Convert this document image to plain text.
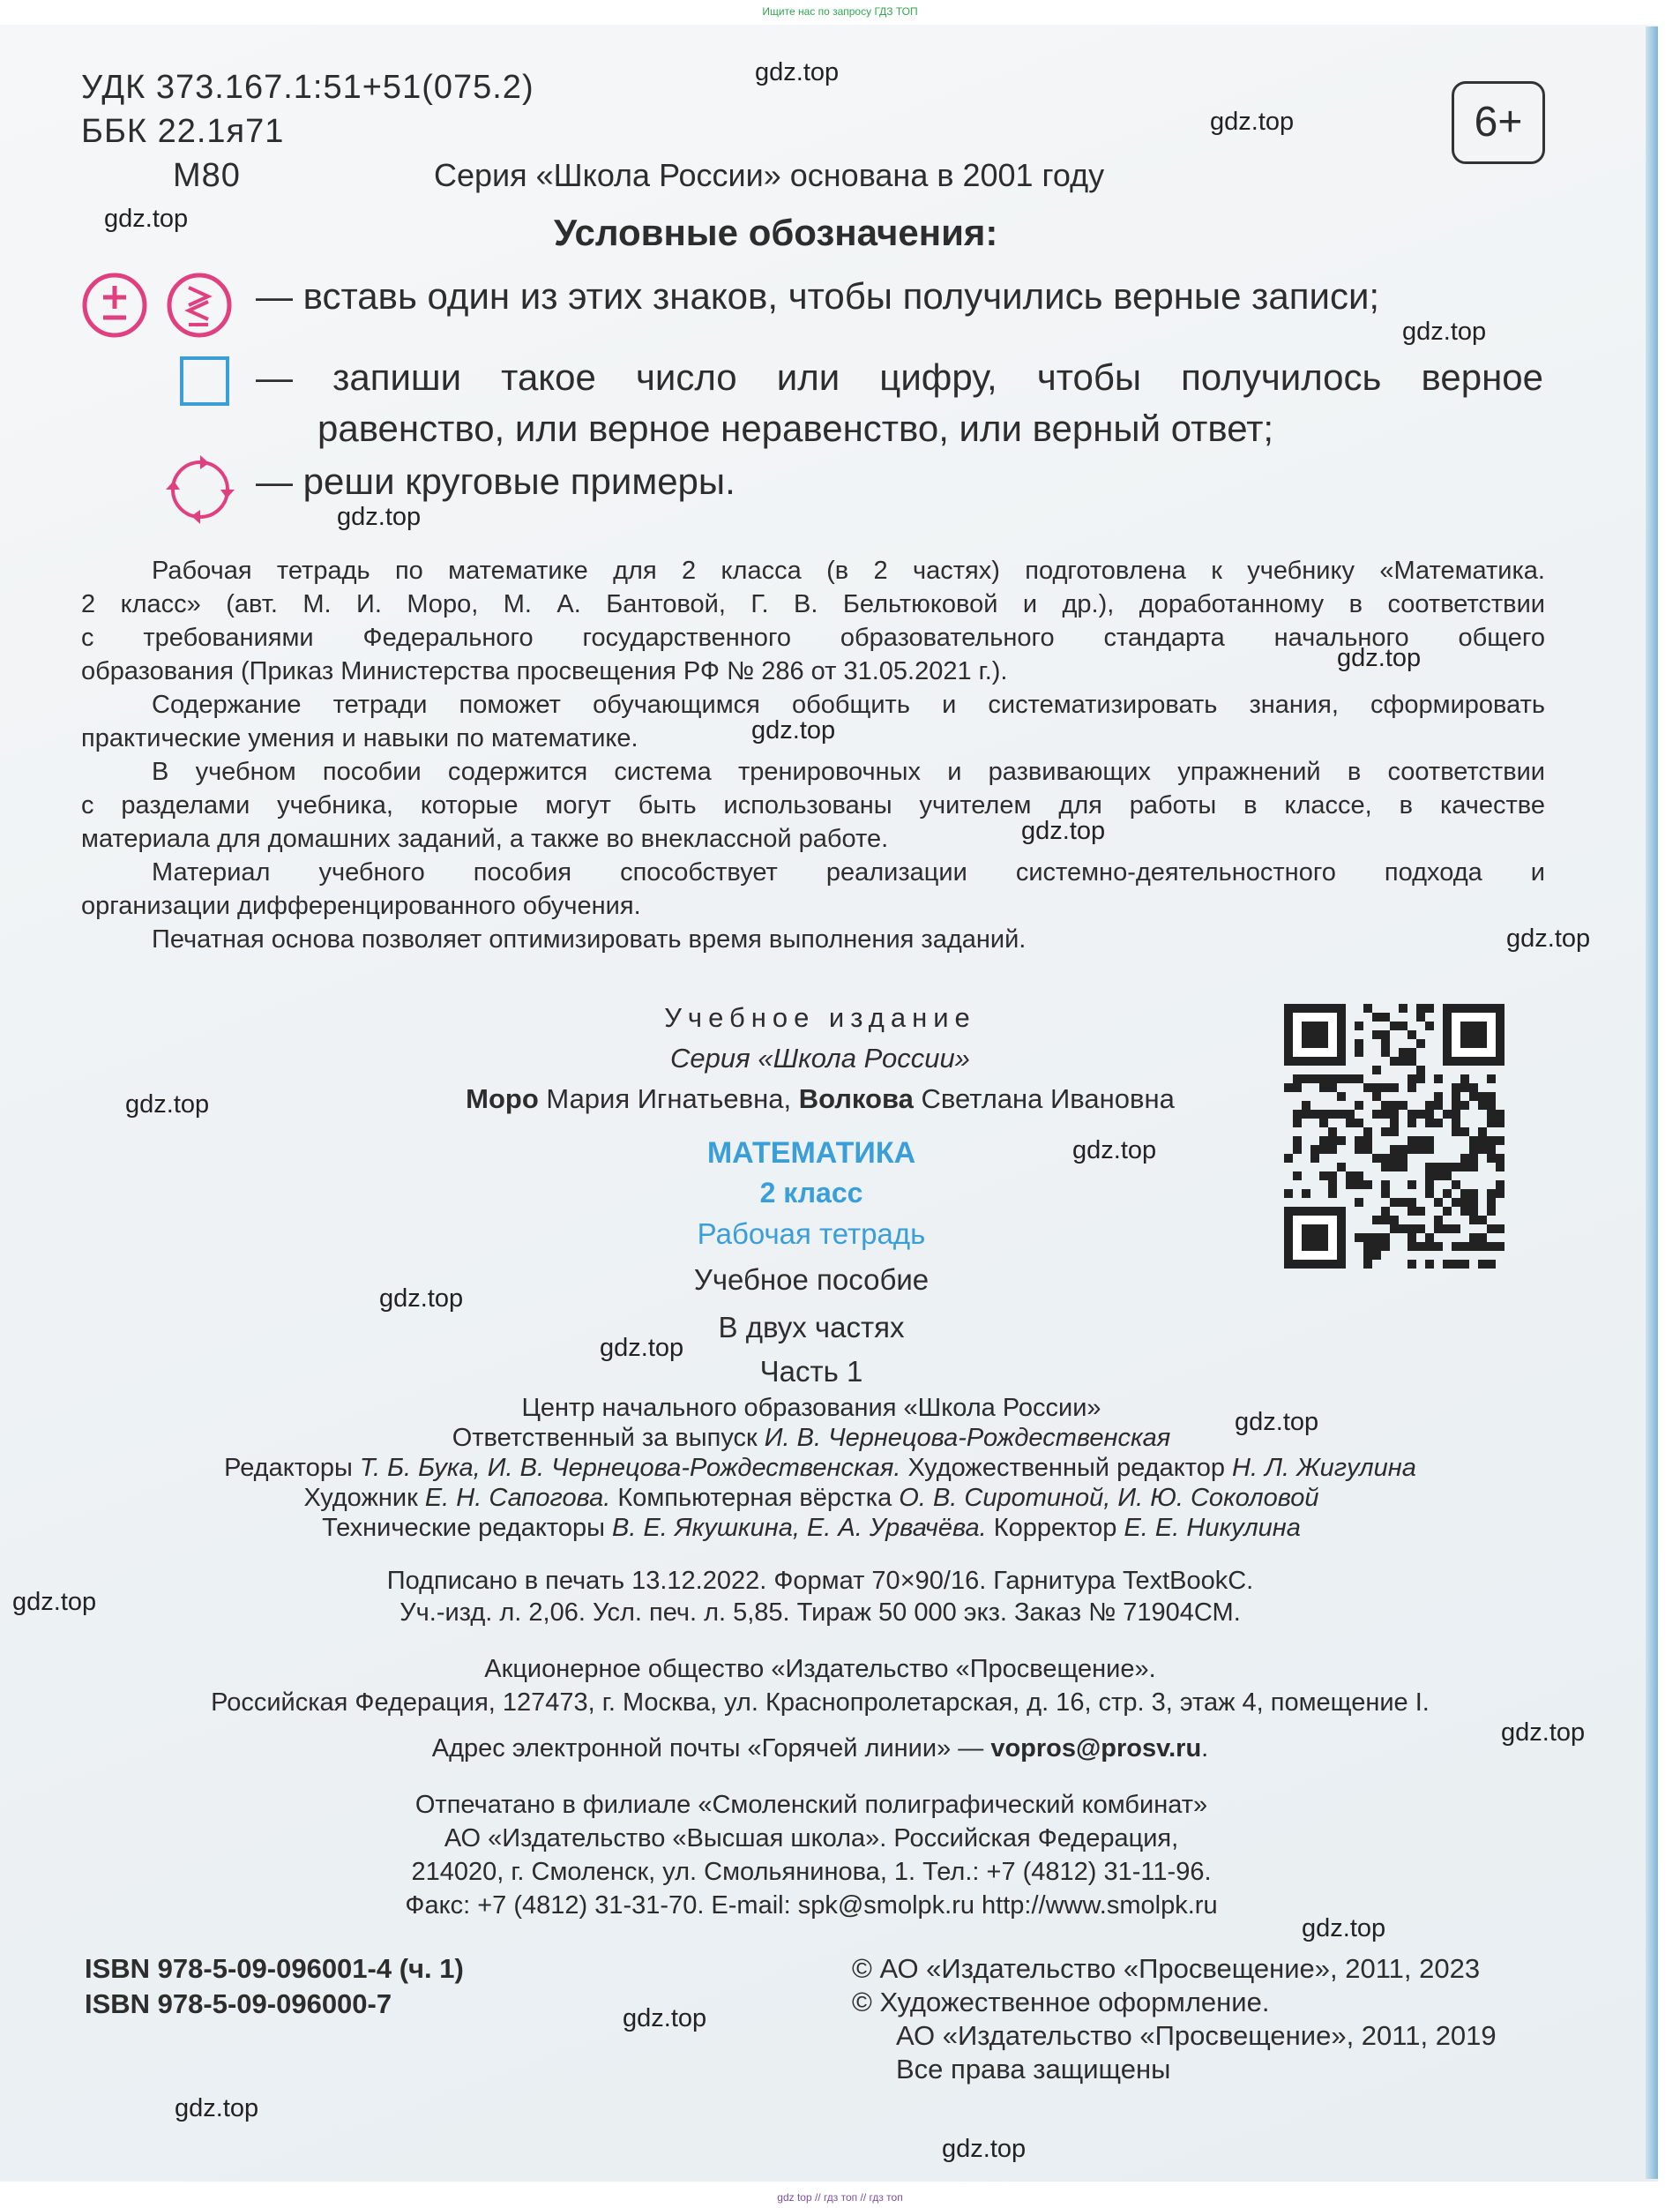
Ищите нас по запросу ГДЗ ТОП
УДК 373.167.1:51+51(075.2)
ББК 22.1я71
М80
6+
Серия «Школа России» основана в 2001 году
Условные обозначения:
— вставь один из этих знаков, чтобы получились верные записи;
— запиши такое число или цифру, чтобы получилось верное
равенство, или верное неравенство, или верный ответ;
— реши круговые примеры.
Рабочая тетрадь по математике для 2 класса (в 2 частях) подготовлена к учебнику «Математика.
2 класс» (авт. М. И. Моро, М. А. Бантовой, Г. В. Бельтюковой и др.), доработанному в соответствии
с требованиями Федерального государственного образовательного стандарта начального общего
образования (Приказ Министерства просвещения РФ № 286 от 31.05.2021 г.).
Содержание тетради поможет обучающимся обобщить и систематизировать знания, сформировать
практические умения и навыки по математике.
В учебном пособии содержится система тренировочных и развивающих упражнений в соответствии
с разделами учебника, которые могут быть использованы учителем для работы в классе, в качестве
материала для домашних заданий, а также во внеклассной работе.
Материал учебного пособия способствует реализации системно-деятельностного подхода и
организации дифференцированного обучения.
Печатная основа позволяет оптимизировать время выполнения заданий.
Учебное издание
Серия «Школа России»
Моро Мария Игнатьевна, Волкова Светлана Ивановна
МАТЕМАТИКА
2 класс
Рабочая тетрадь
Учебное пособие
В двух частях
Часть 1
Центр начального образования «Школа России»
Ответственный за выпуск И. В. Чернецова-Рождественская
Редакторы Т. Б. Бука, И. В. Чернецова-Рождественская. Художественный редактор Н. Л. Жигулина
Художник Е. Н. Сапогова. Компьютерная вёрстка О. В. Сиротиной, И. Ю. Соколовой
Технические редакторы В. Е. Якушкина, Е. А. Урвачёва. Корректор Е. Е. Никулина
Подписано в печать 13.12.2022. Формат 70×90/16. Гарнитура TextBookC.
Уч.-изд. л. 2,06. Усл. печ. л. 5,85. Тираж 50 000 экз. Заказ № 71904СМ.
Акционерное общество «Издательство «Просвещение».
Российская Федерация, 127473, г. Москва, ул. Краснопролетарская, д. 16, стр. 3, этаж 4, помещение I.
Адрес электронной почты «Горячей линии» — vopros@prosv.ru.
Отпечатано в филиале «Смоленский полиграфический комбинат»
АО «Издательство «Высшая школа». Российская Федерация,
214020, г. Смоленск, ул. Смольянинова, 1. Тел.: +7 (4812) 31-11-96.
Факс: +7 (4812) 31-31-70. E-mail: spk@smolpk.ru http://www.smolpk.ru
ISBN 978-5-09-096001-4 (ч. 1)
ISBN 978-5-09-096000-7
© АО «Издательство «Просвещение», 2011, 2023
© Художественное оформление.
АО «Издательство «Просвещение», 2011, 2019
Все права защищены
gdz.top
gdz.top
gdz.top
gdz.top
gdz.top
gdz.top
gdz.top
gdz.top
gdz.top
gdz.top
gdz.top
gdz.top
gdz.top
gdz.top
gdz.top
gdz.top
gdz.top
gdz.top
gdz.top
gdz.top
gdz top // гдз топ // гдз топ
